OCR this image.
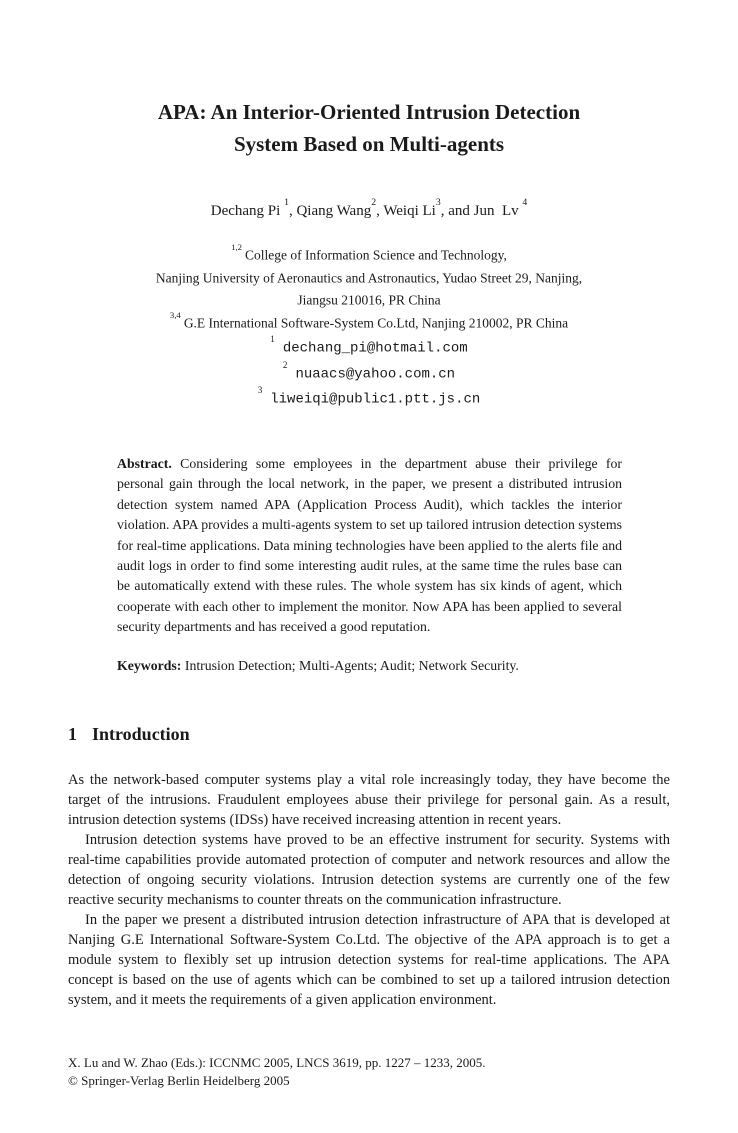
APA: An Interior-Oriented Intrusion Detection
System Based on Multi-agents
Dechang Pi $^1$, Qiang Wang$^2$, Weiqi Li$^3$, and Jun  Lv $^4$
$^{1,2}$College of Information Science and Technology,
Nanjing University of Aeronautics and Astronautics, Yudao Street 29, Nanjing,
Jiangsu 210016, PR China
$^{3,4}$G.E International Software-System Co.Ltd, Nanjing 210002, PR China
$^1$dechang_pi@hotmail.com
$^2$nuaacs@yahoo.com.cn
$^3$liweiqi@public1.ptt.js.cn
Abstract. Considering some employees in the department abuse their privilege for personal gain through the local network, in the paper, we present a distributed intrusion detection system named APA (Application Process Audit), which tackles the interior violation. APA provides a multi-agents system to set up tailored intrusion detection systems for real-time applications. Data mining technologies have been applied to the alerts file and audit logs in order to find some interesting audit rules, at the same time the rules base can be automatically extend with these rules. The whole system has six kinds of agent, which cooperate with each other to implement the monitor. Now APA has been applied to several security departments and has received a good reputation.
Keywords: Intrusion Detection; Multi-Agents; Audit; Network Security.
1 Introduction

As the network-based computer systems play a vital role increasingly today, they have become the target of the intrusions. Fraudulent employees abuse their privilege for personal gain. As a result, intrusion detection systems (IDSs) have received increasing attention in recent years.

Intrusion detection systems have proved to be an effective instrument for security. Systems with real-time capabilities provide automated protection of computer and network resources and allow the detection of ongoing security violations. Intrusion detection systems are currently one of the few reactive security mechanisms to counter threats on the communication infrastructure.

In the paper we present a distributed intrusion detection infrastructure of APA that is developed at Nanjing G.E International Software-System Co.Ltd. The objective of the APA approach is to get a module system to flexibly set up intrusion detection systems for real-time applications. The APA concept is based on the use of agents which can be combined to set up a tailored intrusion detection system, and it meets the requirements of a given application environment.

X. Lu and W. Zhao (Eds.): ICCNMC 2005, LNCS 3619, pp. 1227 – 1233, 2005.
© Springer-Verlag Berlin Heidelberg 2005
